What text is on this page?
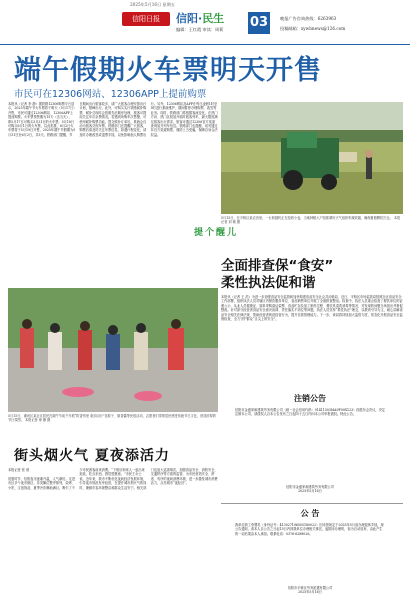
2025年5月16日 星期五
信阳日报	信阳·民生
编辑：王红霞 审读：周莉 03	晚报广告咨询热线：6263963
投稿邮箱：xywbnews@126.com
端午假期火车票明天开售
市民可在12306网站、12306APP上提前购票
本报讯（记者 李 静）据铁路12306购票平台显示，2025年端午节火车票将于明天（5月17日）开售，市民可通过12306网站、12306APP上提前购票。火车票预售期为15天（含当天），即5月17日可购买5月31日的火车票，5月18日可购买6月1日的火车票，以此类推，6月2日火车票将于5月19日开售。2025年端午节假期为5月31日至6月2日，共3天。铁路部门提醒，节日期间出行旅客较多，请广大旅客合理安排出行计划，错峰出行。此外，可购买实行铁路候补购票，候补兑现时会按照先后顺序处理，旅客可提前关注车次余票情况。若遇到所购车次售罄，可使用候补购票功能，提交候补订单后，系统会自动为旅客兑现车票。铁路部门还提醒广大旅客，购票后请及时关注车票信息，如遇行程变化，请及时办理改签或退票手续，以免影响他人购票出行。另外，12306网站及APP在每日凌晨1时至5时进行系统维护，期间暂停办理购票、改签等业务。同时，铁路部门将根据客流变化，在热门方向、热门区段加开临时旅客列车，最大限度满足旅客出行需求，旅客可通过12306官方渠道查询加开列车信息。铁路部门也提醒，切勿通过非官方渠道购票，谨防上当受骗，保障自身合法权益。
5月15日，在平桥区某农田里，一台收割机正在抢收小麦，当地种粮大户抢抓晴好天气组织机械收割，确保夏粮颗粒归仓。 本报记者 刘 敏 摄
提个醒儿
5月15日，浉河区某社区居民在端午节前夕开展“粽香邻里 欢乐同行”包粽子、做香囊等民俗活动，志愿者们带领居民感受传统节日文化，营造浓厚的节日氛围。 本报记者 徐 姗 摄
街头烟火气 夏夜添活力
本报记者 张 晨

初夏时节，信阳夜市逐渐升温，人气渐旺。走进市区多个夜市街区，各类摊位整齐排列，烧烤、小吃、文创饰品、夏季冷饮琳琅满目，吸引了不少市民游客前来消费。“下班后和家人一起出来逛逛，吃点东西，感觉很惬意。”市民王女士说。近年来，我市不断优化夜间经济发展环境，引导夜市规范有序经营，在提升城市烟火气的同时，兼顾市容环境整洁和群众生活安宁。相关部门也加大巡查频次，加强食品安全、消防安全、交通秩序等方面的监管，为市民营造安全、舒适、有序的夜间消费环境，进一步激发城市消费活力，点亮城市“夜经济”。
全面排查保“食安”
柔性执法促和谐
本报讯（记者 王 浩）为进一步加强食品安全监管和加快构建食品安全社会共治格局，近日，平桥区市场监管局按照全区食品安全工作部署，组织执法人员对辖区内餐饮服务单位、食品销售单位开展了全面排查整治。检查中，执法人员重点检查了餐饮单位的证照公示、从业人员健康证、原料采购索证索票、食品贮存及加工制作过程、餐饮具清洗消毒等情况，对发现的问题当场指出并督促整改。针对部分经营者食品安全意识淡薄、责任落实不到位等问题，执法人员坚持“柔性执法”理念，以教育引导为主，耐心讲解食品安全相关法律法规，帮助经营者规范经营行为，提升自我管理能力。下一步，该局将持续加大监管力度，常态化开展食品安全监督检查，全力守护群众“舌尖上的安全”。
注销公告
信阳市金盛家和建筑劳务有限公司（统一社会信用代码：91411503MA9F00X123）经股东会决议，决定注销本公司，请债权人自本公告发布之日起四十五日内向本公司申报债权。特此公告。
信阳市金盛家和建筑劳务有限公司
2025年5月16日
公 告
我单位职工李慧英（身份证号：413027196505180022）因未按规定于2025年5月前办理退休手续，现公告通知，请本人自公告之日起15日内到我单位办理相关事宜，逾期未办理的，视为自动放弃，由此产生的一切后果由本人承担。联系电话：0376-6288026。
信阳市平桥区劳务派遣有限公司
2025年5月16日
